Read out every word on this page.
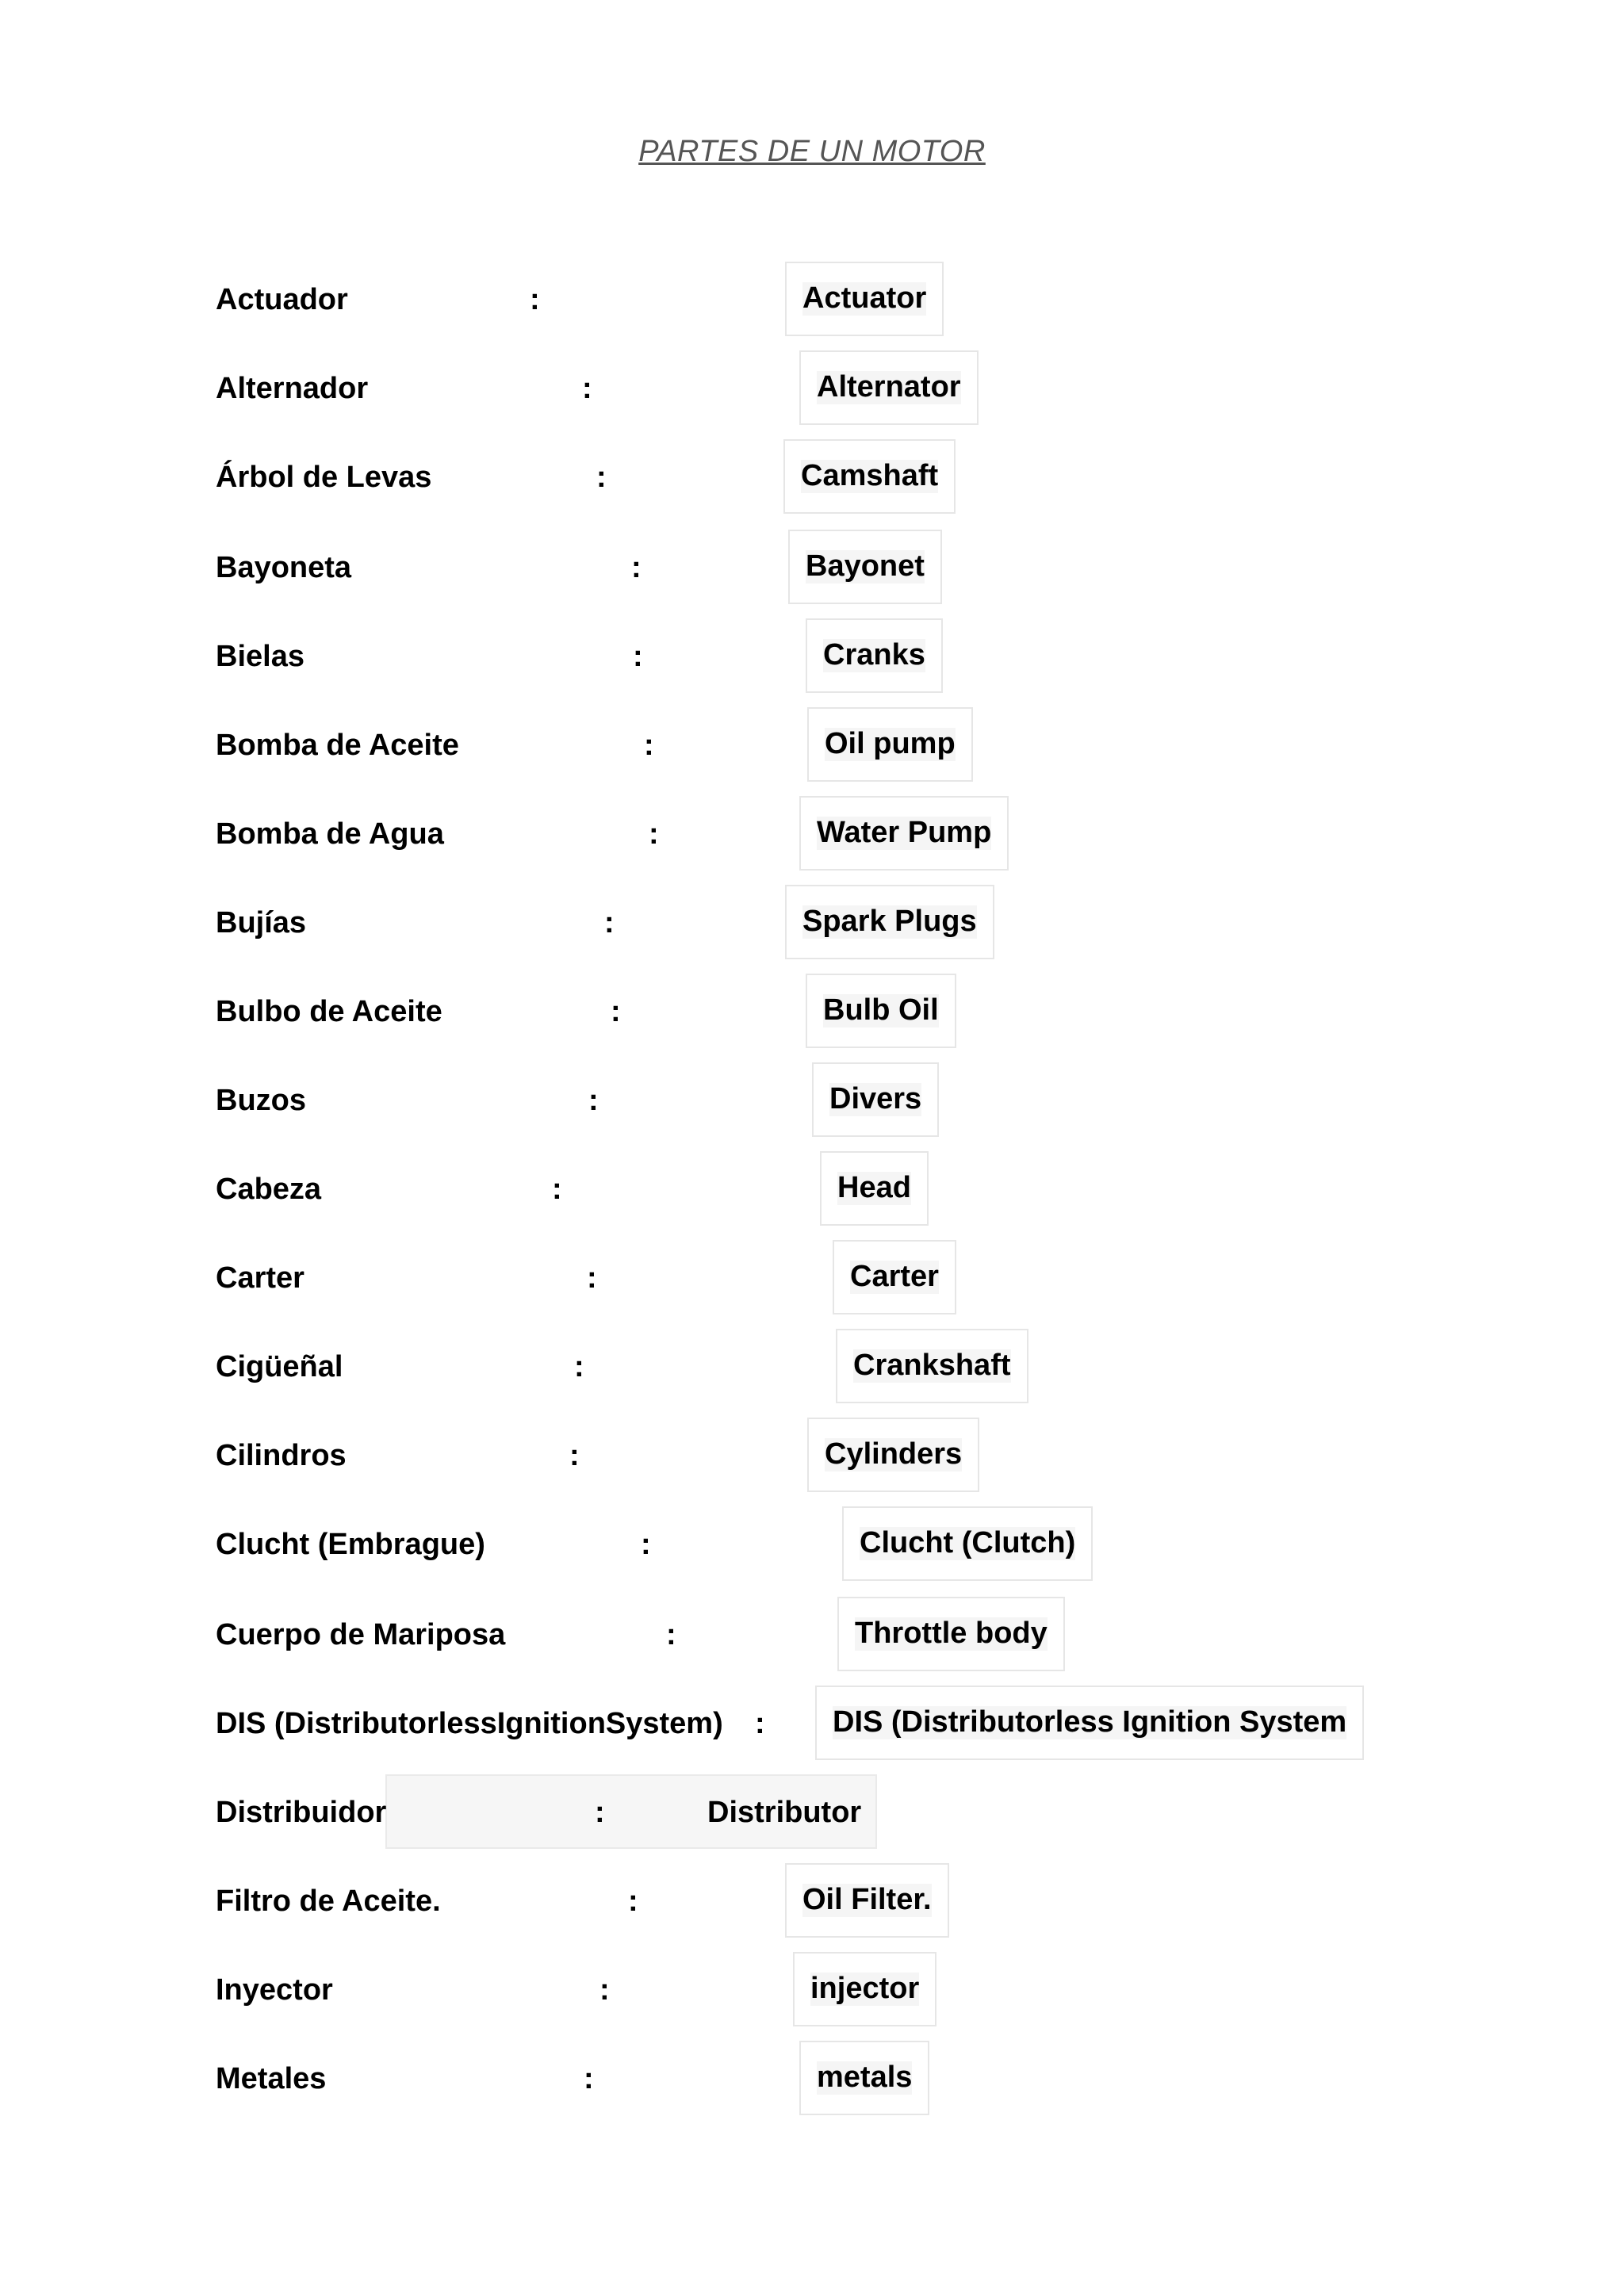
PARTES DE UN MOTOR
Actuador	:	Actuator
Alternador	:	Alternator
Árbol de Levas	:	Camshaft
Bayoneta	:	Bayonet
Bielas	:	Cranks
Bomba de Aceite	:	Oil pump
Bomba de Agua	:	Water Pump
Bujías	:	Spark Plugs
Bulbo de Aceite	:	Bulb Oil
Buzos	:	Divers
Cabeza	:	Head
Carter	:	Carter
Cigüeñal	:	Crankshaft
Cilindros	:	Cylinders
Clucht (Embrague)	:	Clucht (Clutch)
Cuerpo de Mariposa	:	Throttle body
DIS (DistributorlessIgnitionSystem) : DIS (Distributorless Ignition System
Distribuidor	:	Distributor
Filtro de Aceite.	:	Oil Filter.
Inyector	:	injector
Metales	:	metals
